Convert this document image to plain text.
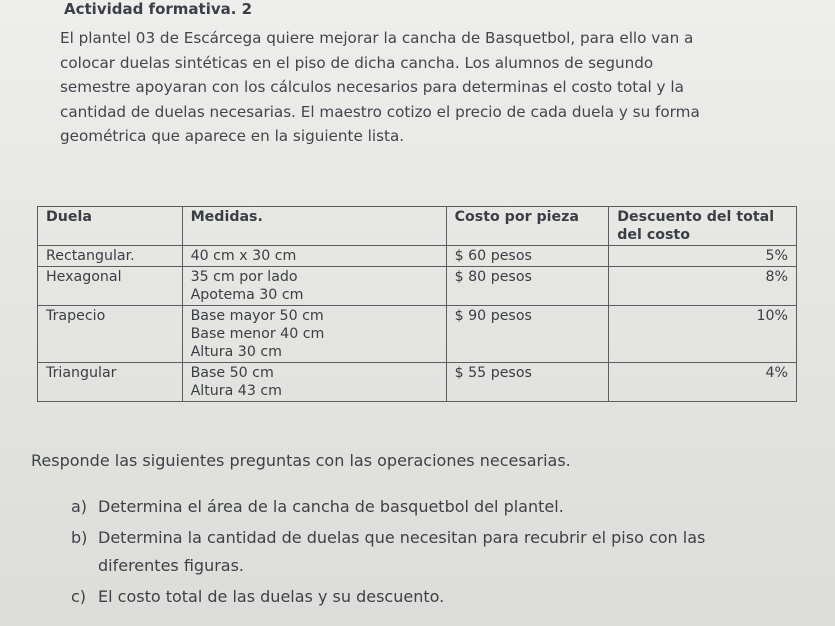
Actividad formativa. 2
El plantel 03 de Escárcega quiere mejorar la cancha de Basquetbol, para ello van a
colocar duelas sintéticas en el piso de dicha cancha. Los alumnos de segundo
semestre apoyaran con los cálculos necesarios para determinas el costo total y la
cantidad de duelas necesarias. El maestro cotizo el precio de cada duela y su forma
geométrica que aparece en la siguiente lista.
Duela	Medidas.	Costo por pieza	Descuento del total
del costo
Rectangular.	40 cm x 30 cm	$ 60 pesos	5%
Hexagonal	35 cm por lado
Apotema 30 cm	$ 80 pesos	8%
Trapecio	Base mayor 50 cm
Base menor 40 cm
Altura 30 cm	$ 90 pesos	10%
Triangular	Base 50 cm
Altura 43 cm	$ 55 pesos	4%
Responde las siguientes preguntas con las operaciones necesarias.
a) Determina el área de la cancha de basquetbol del plantel.
b) Determina la cantidad de duelas que necesitan para recubrir el piso con las
diferentes figuras.
c) El costo total de las duelas y su descuento.
